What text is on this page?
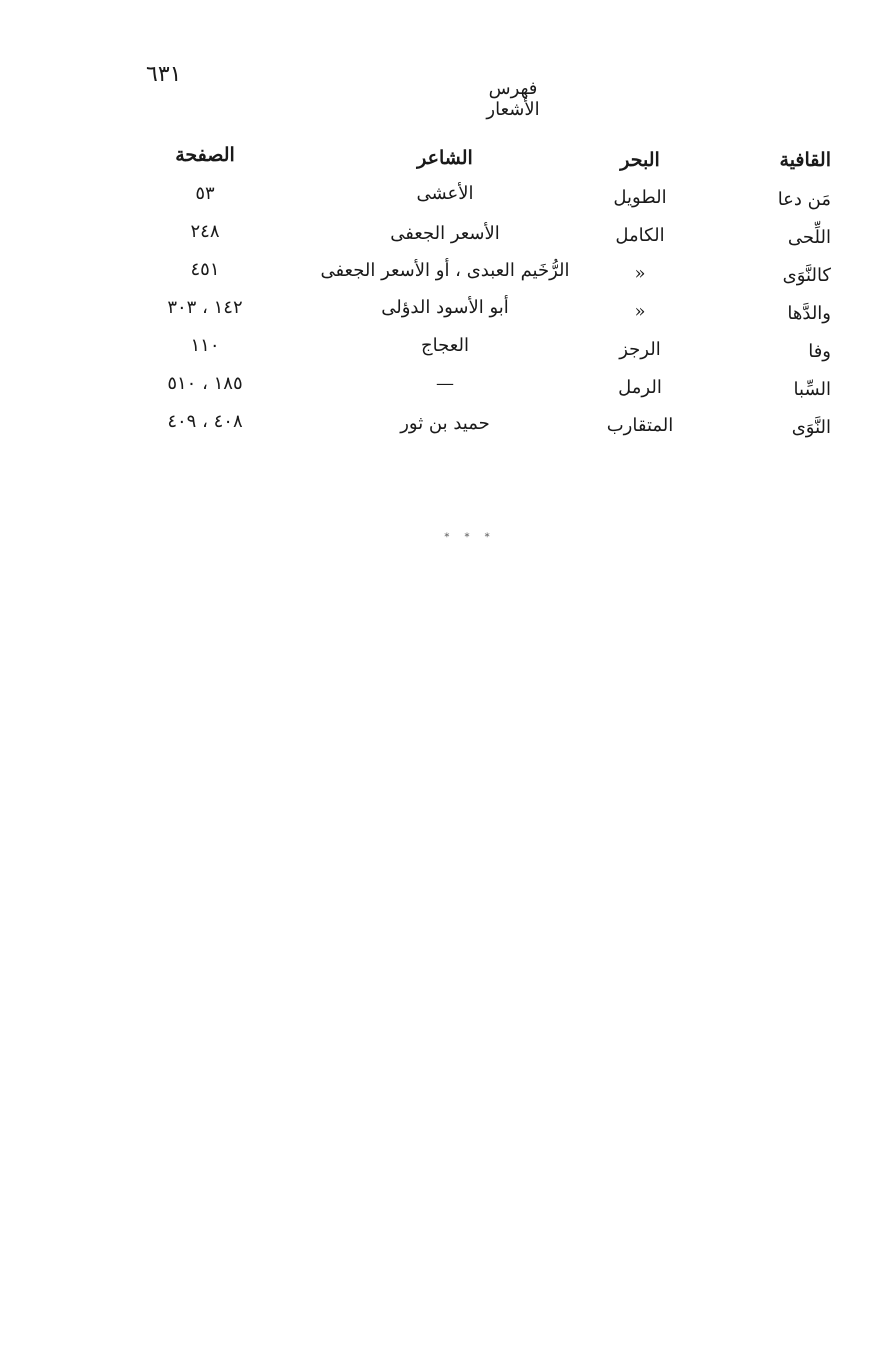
٦٣١
فهرس الأشعار
القافية
البحر
الشاعر
الصفحة
مَن دعا
الطويل
الأعشى
٥٣
اللِّحى
الكامل
الأسعر الجعفى
٢٤٨
كالنَّوَى
«
الرُّخَيم العبدى ، أو الأسعر الجعفى
٤٥١
والدَّها
«
أبو الأسود الدؤلى
١٤٢ ، ٣٠٣
وفا
الرجز
العجاج
١١٠
السِّبا
الرمل
—
١٨٥ ، ٥١٠
النَّوَى
المتقارب
حميد بن ثور
٤٠٨ ، ٤٠٩
* * *
